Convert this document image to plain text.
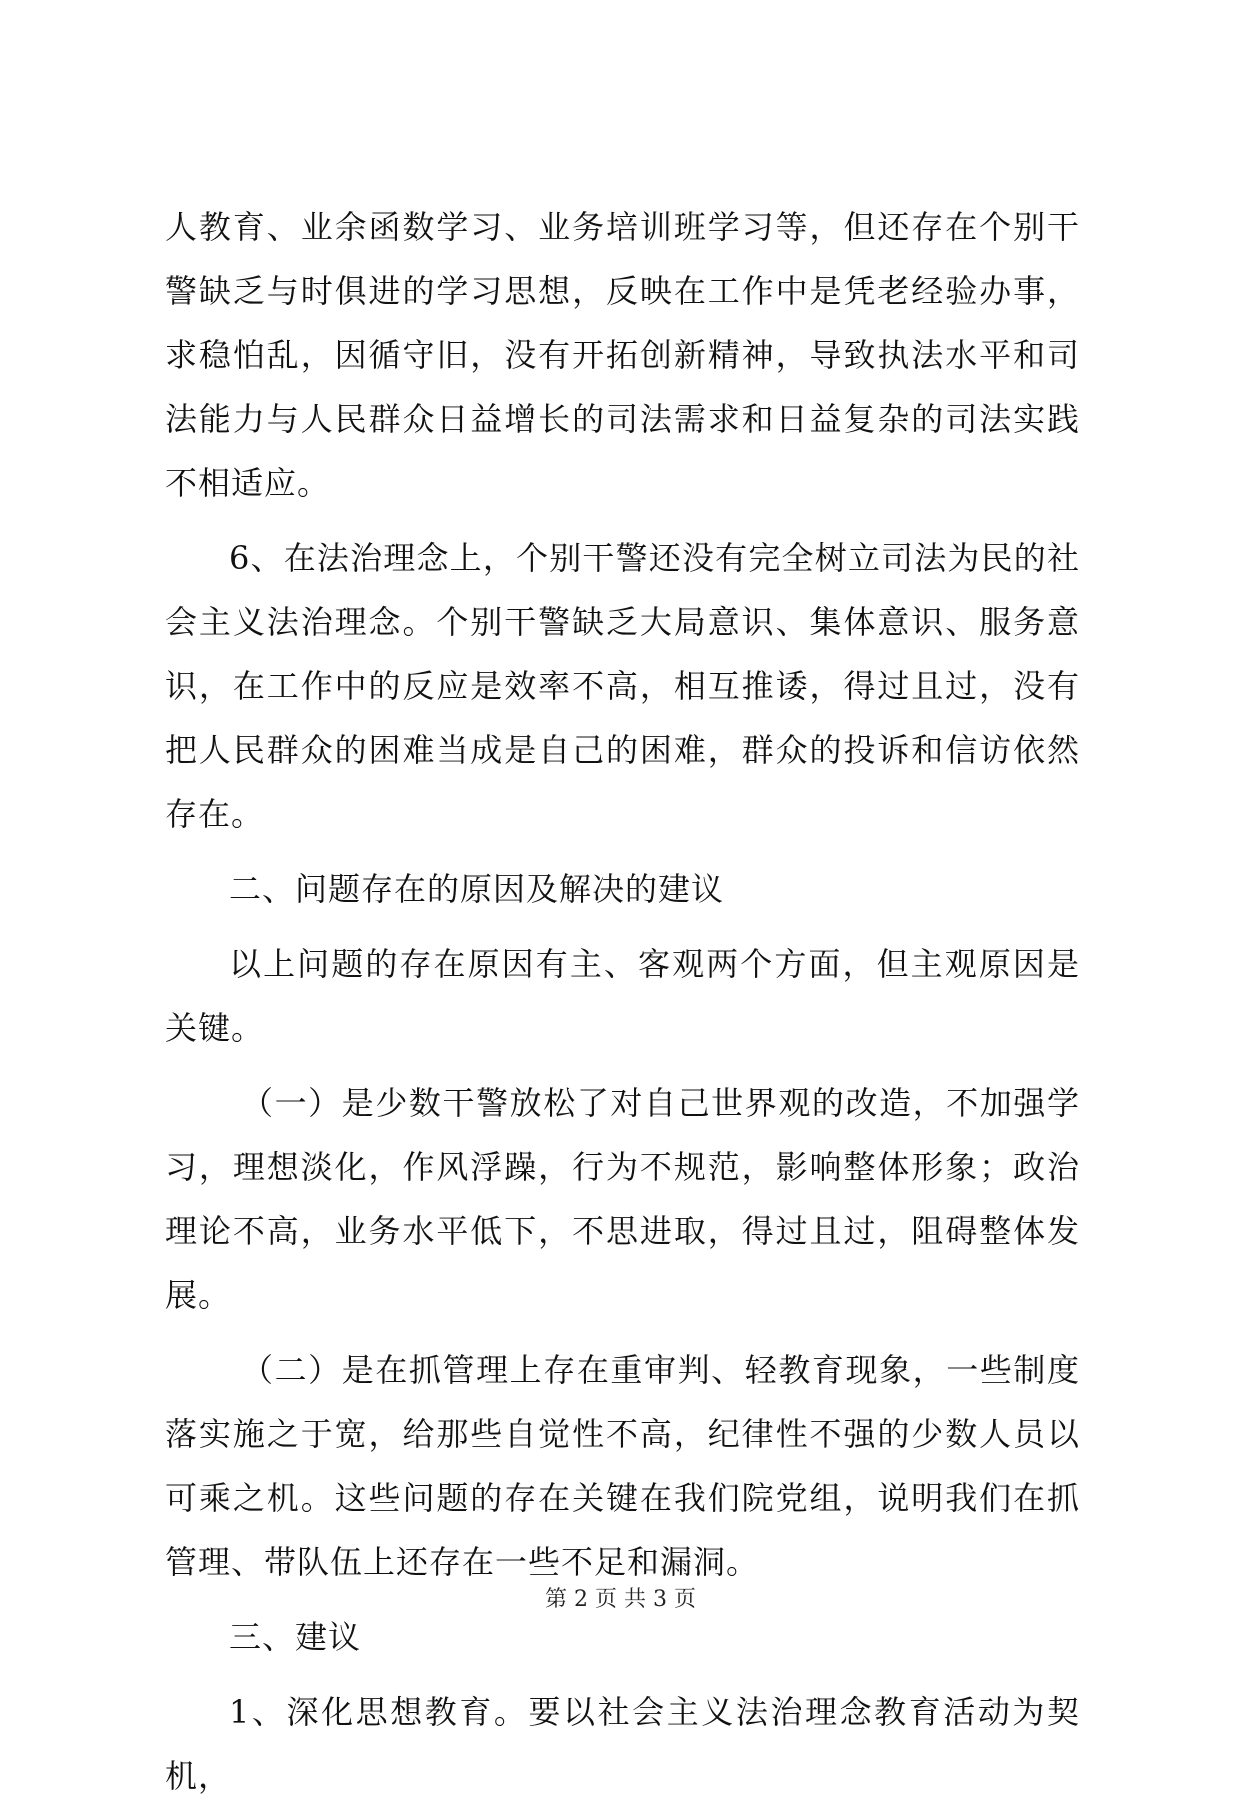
人教育、业余函数学习、业务培训班学习等，但还存在个别干警缺乏与时俱进的学习思想，反映在工作中是凭老经验办事，求稳怕乱，因循守旧，没有开拓创新精神，导致执法水平和司法能力与人民群众日益增长的司法需求和日益复杂的司法实践不相适应。

6、在法治理念上，个别干警还没有完全树立司法为民的社会主义法治理念。个别干警缺乏大局意识、集体意识、服务意识，在工作中的反应是效率不高，相互推诿，得过且过，没有把人民群众的困难当成是自己的困难，群众的投诉和信访依然存在。

二、问题存在的原因及解决的建议

以上问题的存在原因有主、客观两个方面，但主观原因是关键。

（一）是少数干警放松了对自己世界观的改造，不加强学习，理想淡化，作风浮躁，行为不规范，影响整体形象；政治理论不高，业务水平低下，不思进取，得过且过，阻碍整体发展。

（二）是在抓管理上存在重审判、轻教育现象，一些制度落实施之于宽，给那些自觉性不高，纪律性不强的少数人员以可乘之机。这些问题的存在关键在我们院党组，说明我们在抓管理、带队伍上还存在一些不足和漏洞。

三、建议

1、深化思想教育。要以社会主义法治理念教育活动为契机，

第 2 页 共 3 页
